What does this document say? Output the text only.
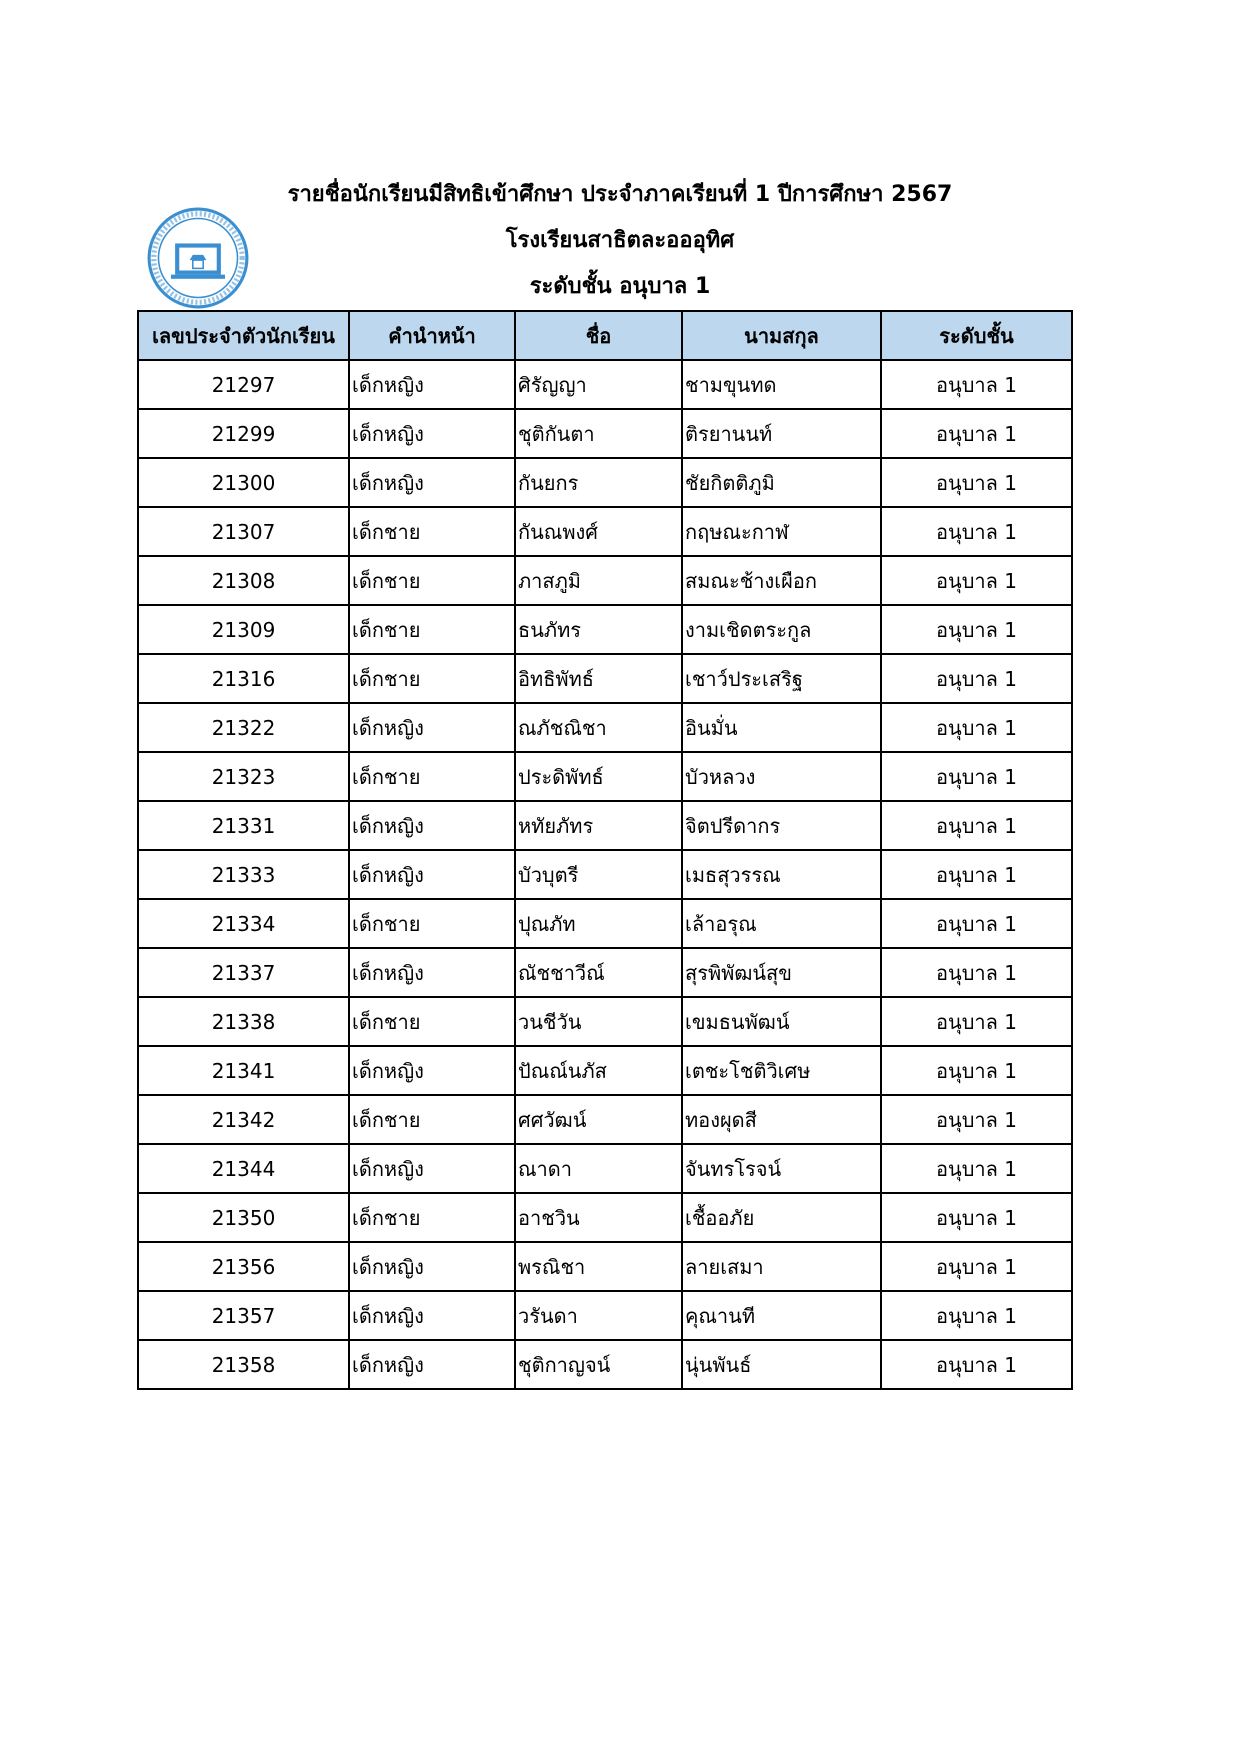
รายชื่อนักเรียนมีสิทธิเข้าศึกษา ประจำภาคเรียนที่ 1 ปีการศึกษา 2567
โรงเรียนสาธิตละอออุทิศ
ระดับชั้น อนุบาล 1
เลขประจำตัวนักเรียน	คำนำหน้า	ชื่อ	นามสกุล	ระดับชั้น
21297	เด็กหญิง	ศิรัญญา	ชามขุนทด	อนุบาล 1
21299	เด็กหญิง	ชุติกันตา	ติรยานนท์	อนุบาล 1
21300	เด็กหญิง	กันยกร	ชัยกิตติภูมิ	อนุบาล 1
21307	เด็กชาย	กันณพงศ์	กฤษณะกาฬ	อนุบาล 1
21308	เด็กชาย	ภาสภูมิ	สมณะช้างเผือก	อนุบาล 1
21309	เด็กชาย	ธนภัทร	งามเชิดตระกูล	อนุบาล 1
21316	เด็กชาย	อิทธิพัทธ์	เชาว์ประเสริฐ	อนุบาล 1
21322	เด็กหญิง	ณภัชณิชา	อินมั่น	อนุบาล 1
21323	เด็กชาย	ประดิพัทธ์	บัวหลวง	อนุบาล 1
21331	เด็กหญิง	หทัยภัทร	จิตปรีดากร	อนุบาล 1
21333	เด็กหญิง	บัวบุตรี	เมธสุวรรณ	อนุบาล 1
21334	เด็กชาย	ปุณภัท	เล้าอรุณ	อนุบาล 1
21337	เด็กหญิง	ณัชชาวีณ์	สุรพิพัฒน์สุข	อนุบาล 1
21338	เด็กชาย	วนชีวัน	เขมธนพัฒน์	อนุบาล 1
21341	เด็กหญิง	ปัณณ์นภัส	เตชะโชติวิเศษ	อนุบาล 1
21342	เด็กชาย	ศศวัฒน์	ทองผุดสี	อนุบาล 1
21344	เด็กหญิง	ณาดา	จันทรโรจน์	อนุบาล 1
21350	เด็กชาย	อาชวิน	เชื้ออภัย	อนุบาล 1
21356	เด็กหญิง	พรณิชา	ลายเสมา	อนุบาล 1
21357	เด็กหญิง	วรันดา	คุณานที	อนุบาล 1
21358	เด็กหญิง	ชุติกาญจน์	นุ่นพันธ์	อนุบาล 1
